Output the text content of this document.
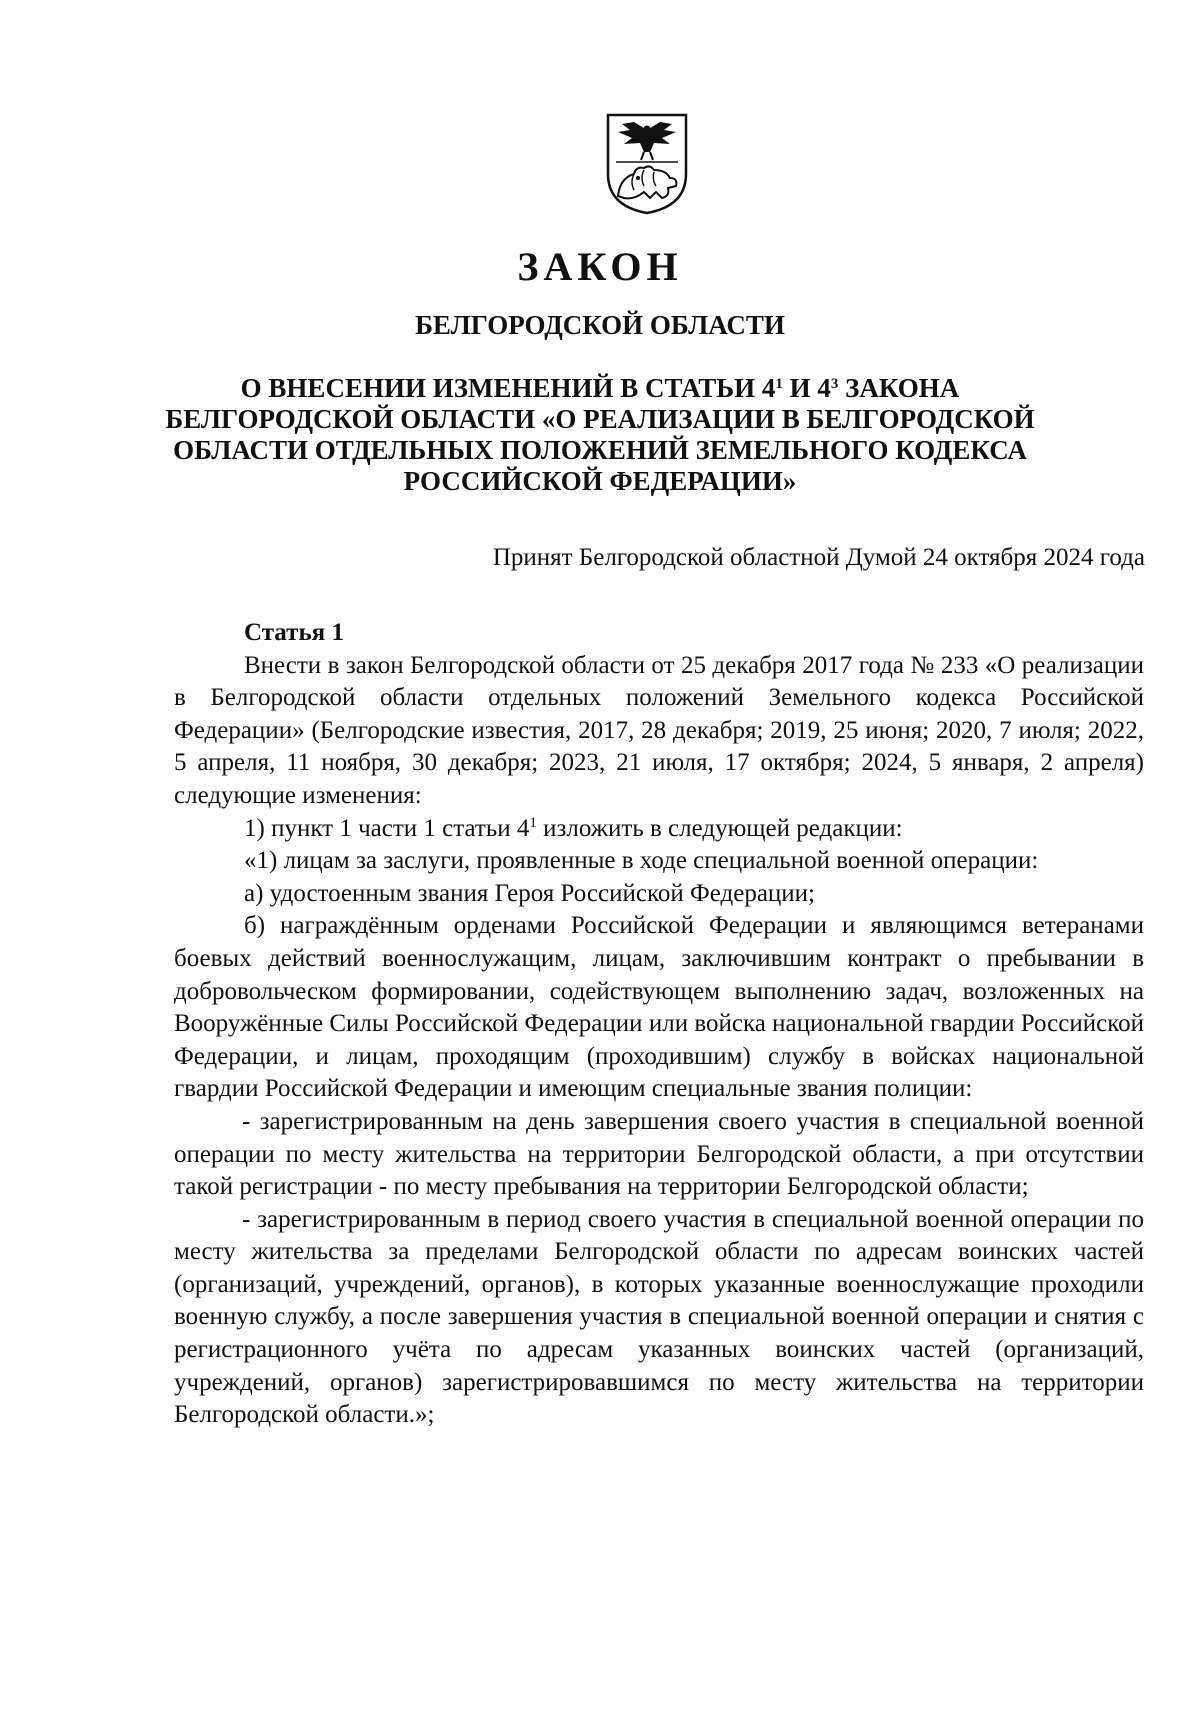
ЗАКОН
БЕЛГОРОДСКОЙ ОБЛАСТИ
О ВНЕСЕНИИ ИЗМЕНЕНИЙ В СТАТЬИ $4^1$ И $4^3$ ЗАКОНА
БЕЛГОРОДСКОЙ ОБЛАСТИ «О РЕАЛИЗАЦИИ В БЕЛГОРОДСКОЙ
ОБЛАСТИ ОТДЕЛЬНЫХ ПОЛОЖЕНИЙ ЗЕМЕЛЬНОГО КОДЕКСА
РОССИЙСКОЙ ФЕДЕРАЦИИ»
Принят Белгородской областной Думой 24 октября 2024 года

Статья 1

Внести в закон Белгородской области от 25 декабря 2017 года № 233 «О реализации в Белгородской области отдельных положений Земельного кодекса Российской Федерации» (Белгородские известия, 2017, 28 декабря; 2019, 25 июня; 2020, 7 июля; 2022, 5 апреля, 11 ноября, 30 декабря; 2023, 21 июля, 17 октября; 2024, 5 января, 2 апреля) следующие изменения:

1) пункт 1 части 1 статьи $4^1$ изложить в следующей редакции:

«1) лицам за заслуги, проявленные в ходе специальной военной операции:

а) удостоенным звания Героя Российской Федерации;

б) награждённым орденами Российской Федерации и являющимся ветеранами боевых действий военнослужащим, лицам, заключившим контракт о пребывании в добровольческом формировании, содействующем выполнению задач, возложенных на Вооружённые Силы Российской Федерации или войска национальной гвардии Российской Федерации, и лицам, проходящим (проходившим) службу в войсках национальной гвардии Российской Федерации и имеющим специальные звания полиции:

- зарегистрированным на день завершения своего участия в специальной военной операции по месту жительства на территории Белгородской области, а при отсутствии такой регистрации - по месту пребывания на территории Белгородской области;

- зарегистрированным в период своего участия в специальной военной операции по месту жительства за пределами Белгородской области по адресам воинских частей (организаций, учреждений, органов), в которых указанные военнослужащие проходили военную службу, а после завершения участия в специальной военной операции и снятия с регистрационного учёта по адресам указанных воинских частей (организаций, учреждений, органов) зарегистрировавшимся по месту жительства на территории Белгородской области.»;
